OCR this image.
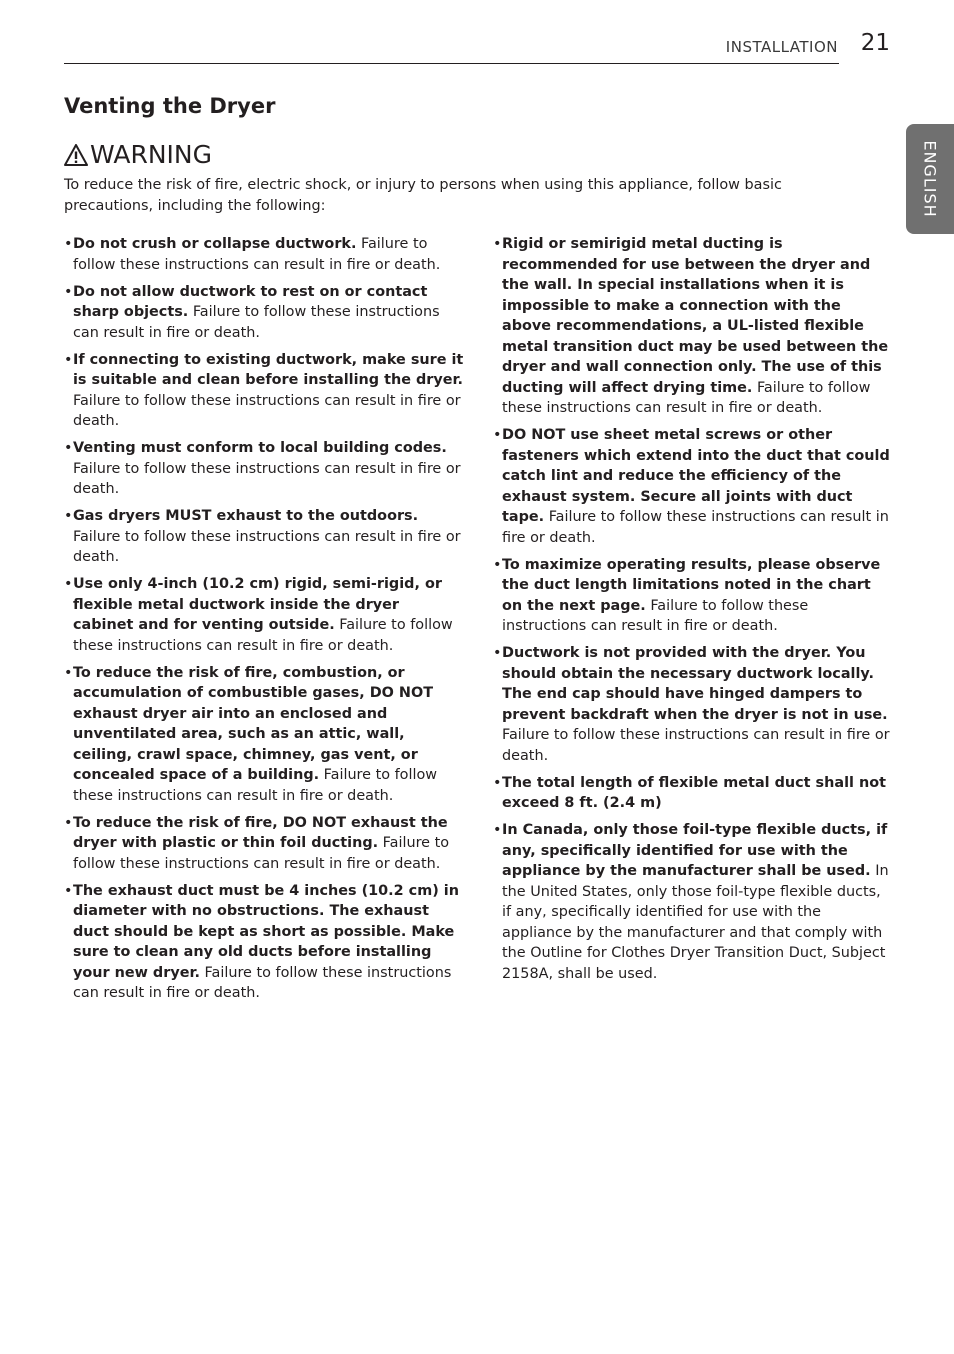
INSTALLATION 21
ENGLISH
Venting the Dryer
WARNING

To reduce the risk of fire, electric shock, or injury to persons when using this appliance, follow basic precautions, including the following:

• Do not crush or collapse ductwork. Failure to follow these instructions can result in fire or death.
• Do not allow ductwork to rest on or contact sharp objects. Failure to follow these instructions can result in fire or death.
• If connecting to existing ductwork, make sure it is suitable and clean before installing the dryer. Failure to follow these instructions can result in fire or death.
• Venting must conform to local building codes. Failure to follow these instructions can result in fire or death.
• Gas dryers MUST exhaust to the outdoors. Failure to follow these instructions can result in fire or death.
• Use only 4-inch (10.2 cm) rigid, semi-rigid, or flexible metal ductwork inside the dryer cabinet and for venting outside. Failure to follow these instructions can result in fire or death.
• To reduce the risk of fire, combustion, or accumulation of combustible gases, DO NOT exhaust dryer air into an enclosed and unventilated area, such as an attic, wall, ceiling, crawl space, chimney, gas vent, or concealed space of a building. Failure to follow these instructions can result in fire or death.
• To reduce the risk of fire, DO NOT exhaust the dryer with plastic or thin foil ducting. Failure to follow these instructions can result in fire or death.
• The exhaust duct must be 4 inches (10.2 cm) in diameter with no obstructions. The exhaust duct should be kept as short as possible. Make sure to clean any old ducts before installing your new dryer. Failure to follow these instructions can result in fire or death.
• Rigid or semirigid metal ducting is recommended for use between the dryer and the wall. In special installations when it is impossible to make a connection with the above recommendations, a UL-listed flexible metal transition duct may be used between the dryer and wall connection only. The use of this ducting will affect drying time. Failure to follow these instructions can result in fire or death.
• DO NOT use sheet metal screws or other fasteners which extend into the duct that could catch lint and reduce the efficiency of the exhaust system. Secure all joints with duct tape. Failure to follow these instructions can result in fire or death.
• To maximize operating results, please observe the duct length limitations noted in the chart on the next page. Failure to follow these instructions can result in fire or death.
• Ductwork is not provided with the dryer. You should obtain the necessary ductwork locally. The end cap should have hinged dampers to prevent backdraft when the dryer is not in use. Failure to follow these instructions can result in fire or death.
• The total length of flexible metal duct shall not exceed 8 ft. (2.4 m)
• In Canada, only those foil-type flexible ducts, if any, specifically identified for use with the appliance by the manufacturer shall be used. In the United States, only those foil-type flexible ducts, if any, specifically identified for use with the appliance by the manufacturer and that comply with the Outline for Clothes Dryer Transition Duct, Subject 2158A, shall be used.
